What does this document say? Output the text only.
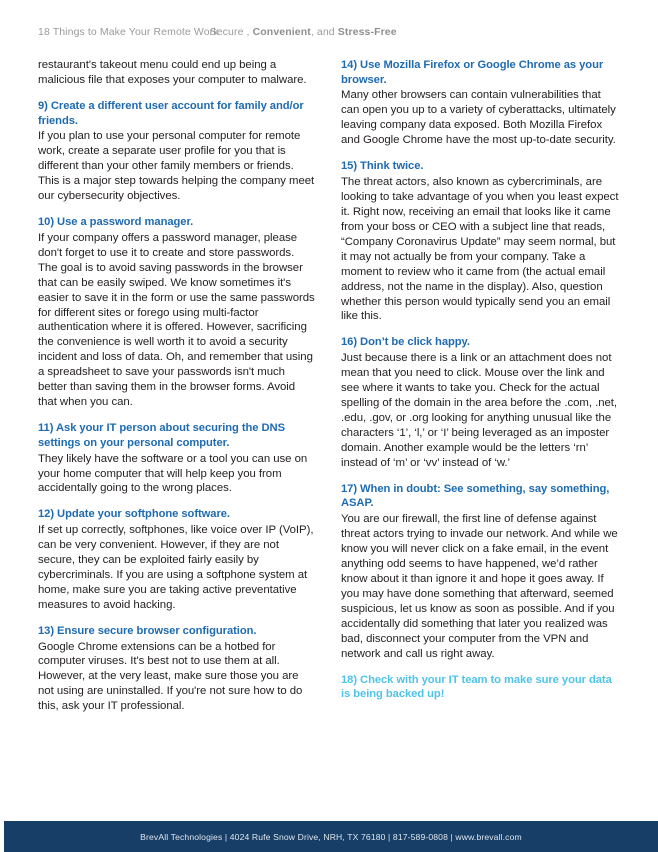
18 Things to Make Your Remote WorkSecure , Convenient, and Stress-Free

restaurant's takeout menu could end up being a malicious file that exposes your computer to malware.

9) Create a different user account for family and/or friends.

If you plan to use your personal computer for remote work, create a separate user profile for you that is different than your other family members or friends. This is a major step towards helping the company meet our cybersecurity objectives.

10) Use a password manager.

If your company offers a password manager, please don't forget to use it to create and store passwords. The goal is to avoid saving passwords in the browser that can be easily swiped. We know sometimes it's easier to save it in the form or use the same passwords for different sites or forego using multi-factor authentication where it is offered. However, sacrificing the convenience is well worth it to avoid a security incident and loss of data. Oh, and remember that using a spreadsheet to save your passwords isn't much better than saving them in the browser forms. Avoid that when you can.

11) Ask your IT person about securing the DNS settings on your personal computer.

They likely have the software or a tool you can use on your home computer that will help keep you from accidentally going to the wrong places.

12) Update your softphone software.

If set up correctly, softphones, like voice over IP (VoIP), can be very convenient. However, if they are not secure, they can be exploited fairly easily by cybercriminals. If you are using a softphone system at home, make sure you are taking active preventative measures to avoid hacking.

13) Ensure secure browser configuration.

Google Chrome extensions can be a hotbed for computer viruses. It's best not to use them at all. However, at the very least, make sure those you are not using are uninstalled. If you're not sure how to do this, ask your IT professional.

14) Use Mozilla Firefox or Google Chrome as your browser.

Many other browsers can contain vulnerabilities that can open you up to a variety of cyberattacks, ultimately leaving company data exposed. Both Mozilla Firefox and Google Chrome have the most up-to-date security.

15) Think twice.

The threat actors, also known as cybercriminals, are looking to take advantage of you when you least expect it. Right now, receiving an email that looks like it came from your boss or CEO with a subject line that reads, “Company Coronavirus Update” may seem normal, but it may not actually be from your company. Take a moment to review who it came from (the actual email address, not the name in the display). Also, question whether this person would typically send you an email like this.

16) Don’t be click happy.

Just because there is a link or an attachment does not mean that you need to click. Mouse over the link and see where it wants to take you. Check for the actual spelling of the domain in the area before the .com, .net, .edu, .gov, or .org looking for anything unusual like the characters ‘1’, ‘l,’ or ‘I’ being leveraged as an imposter domain. Another example would be the letters ‘rn’ instead of ‘m’ or ‘vv’ instead of ‘w.’

17) When in doubt: See something, say something, ASAP.

You are our firewall, the first line of defense against threat actors trying to invade our network. And while we know you will never click on a fake email, in the event anything odd seems to have happened, we’d rather know about it than ignore it and hope it goes away. If you may have done something that afterward, seemed suspicious, let us know as soon as possible. And if you accidentally did something that later you realized was bad, disconnect your computer from the VPN and network and call us right away.

18) Check with your IT team to make sure your data is being backed up!
BrevAll Technologies | 4024 Rufe Snow Drive, NRH, TX 76180 | 817-589-0808 | www.brevall.com
